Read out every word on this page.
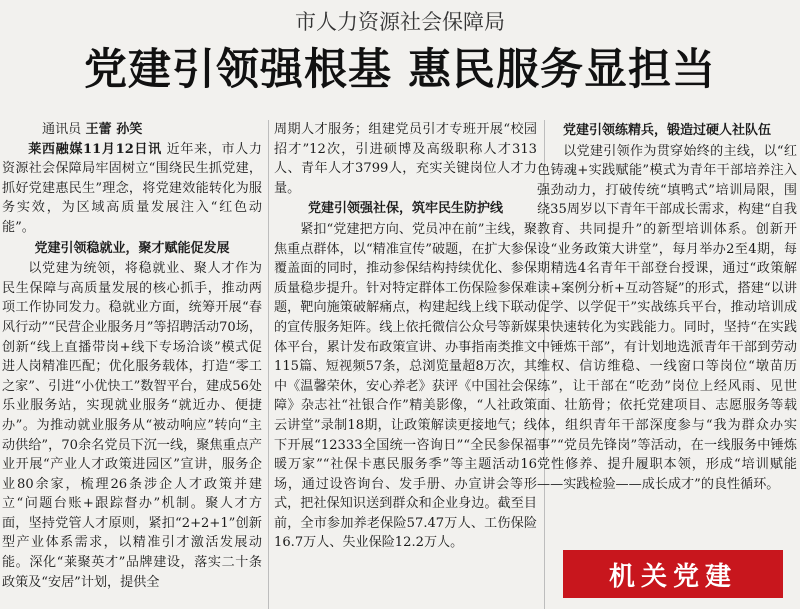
市人力资源社会保障局
党建引领强根基 惠民服务显担当

通讯员 王蕾 孙笑

莱西融媒11月12日讯 近年来，市人力资源社会保障局牢固树立“围绕民生抓党建，抓好党建惠民生”理念，将党建效能转化为服务实效，为区域高质量发展注入“红色动能”。

党建引领稳就业，聚才赋能促发展

以党建为统领，将稳就业、聚人才作为民生保障与高质量发展的核心抓手，推动两项工作协同发力。稳就业方面，统筹开展“春风行动”“民营企业服务月”等招聘活动70场，创新“线上直播带岗+线下专场洽谈”模式促进人岗精准匹配；优化服务载体，打造“零工之家”、引进“小优快工”数智平台，建成56处乐业服务站，实现就业服务“就近办、便捷办”。为推动就业服务从“被动响应”转向“主动供给”，70余名党员下沉一线，聚焦重点产业开展“产业人才政策进园区”宣讲，服务企业80余家，梳理26条涉企人才政策并建立“问题台账+跟踪督办”机制。聚人才方面，坚持党管人才原则，紧扣“2+2+1”创新型产业体系需求，以精准引才激活发展动能。深化“莱聚英才”品牌建设，落实二十条政策及“安居”计划，提供全

周期人才服务；组建党员引才专班开展“校园招才”12次，引进硕博及高级职称人才313人、青年人才3799人，充实关键岗位人才力量。

党建引领强社保，筑牢民生防护线

紧扣“党建把方向、党员冲在前”主线，聚焦重点群体，以“精准宣传”破题，在扩大参保覆盖面的同时，推动参保结构持续优化、参保质量稳步提升。针对特定群体工伤保险参保难题，靶向施策破解痛点，构建起线上线下联动的宣传服务矩阵。线上依托微信公众号等新媒体平台，累计发布政策宣讲、办事指南类推文115篇、短视频57条，总浏览量超8万次，其中《温馨荣休，安心养老》获评《中国社会保障》杂志社“社银合作”精美影像，“人社政策云讲堂”录制18期，让政策解读更接地气；线下开展“12333全国统一咨询日”“全民参保福暖万家”“社保卡惠民服务季”等主题活动16场，通过设咨询台、发手册、办宣讲会等形式，把社保知识送到群众和企业身边。截至目前，全市参加养老保险57.47万人、工伤保险16.7万人、失业保险12.2万人。

党建引领练精兵，锻造过硬人社队伍

以党建引领作为贯穿始终的主线，以“红色铸魂+实践赋能”模式为青年干部培养注入强劲动力，打破传统“填鸭式”培训局限，围绕35周岁以下青年干部成长需求，构建“自我教育、共同提升”的新型培训体系。创新开设“业务政策大讲堂”，每月举办2至4期，每期精选4名青年干部登台授课，通过“政策解读+案例分析+互动答疑”的形式，搭建“以讲促学、以学促干”实战练兵平台，推动培训成果快速转化为实践能力。同时，坚持“在实践中锤炼干部”，有计划地选派青年干部到劳动维权、信访维稳、一线窗口等岗位“墩苗历练”，让干部在“吃劲”岗位上经风雨、见世面、壮筋骨；依托党建项目、志愿服务等载体，组织青年干部深度参与“我为群众办实事”“党员先锋岗”等活动，在一线服务中锤炼党性修养、提升履职本领，形成“培训赋能——实践检验——成长成才”的良性循环。

机关党建
